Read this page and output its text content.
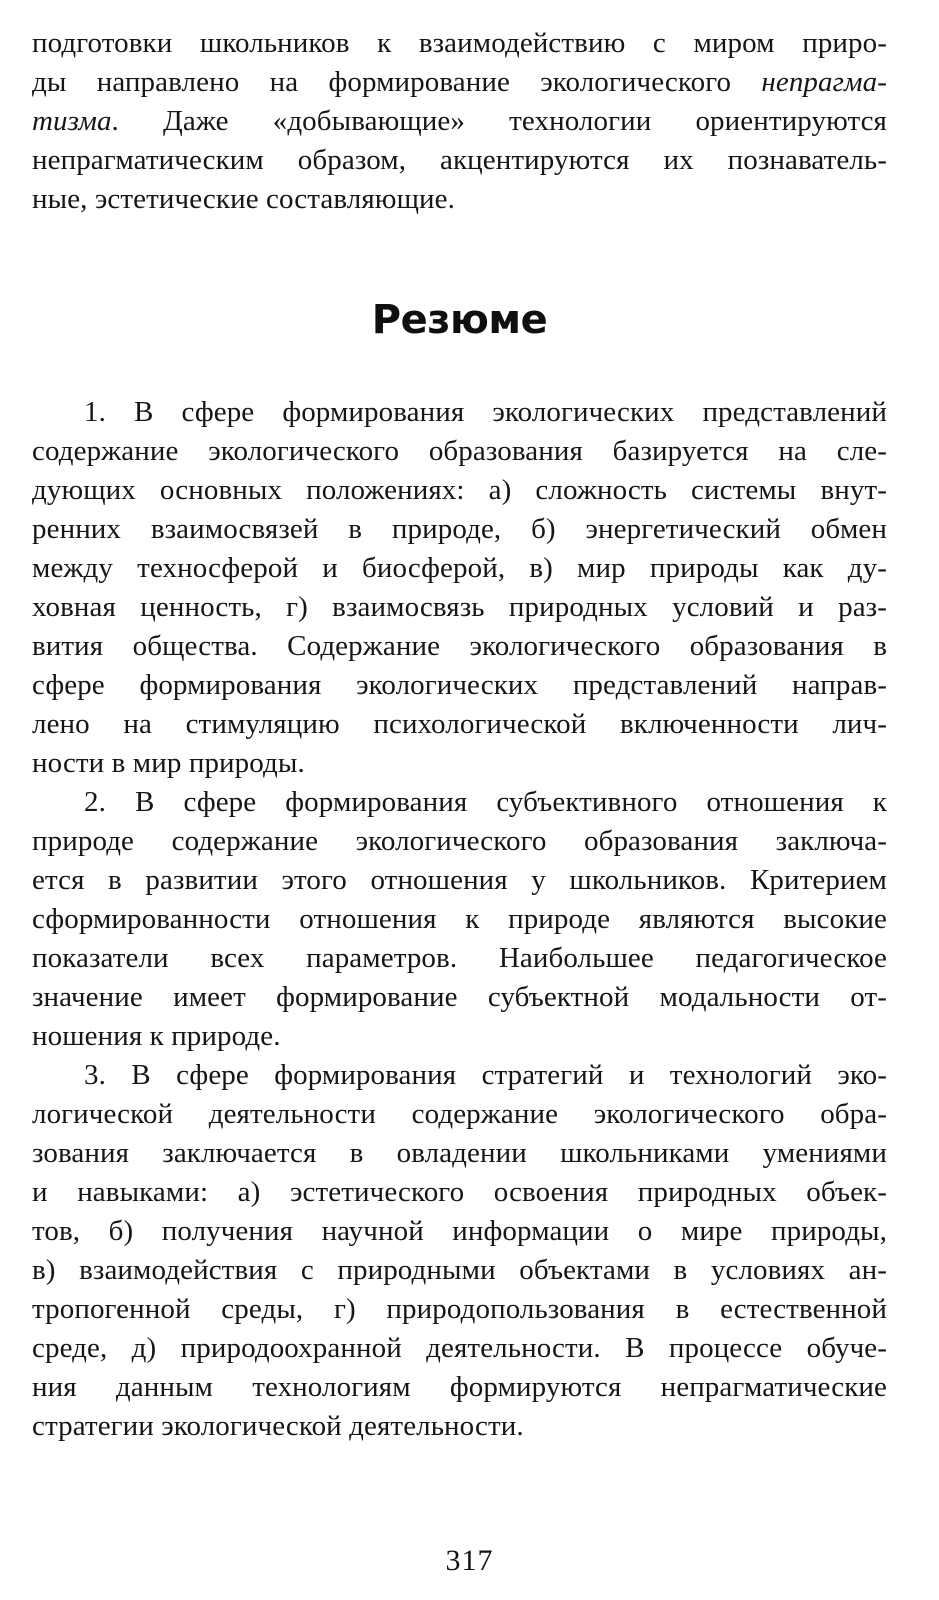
подготовки школьников к взаимодействию с миром приро-
ды направлено на формирование экологического непрагма-
тизма. Даже «добывающие» технологии ориентируются
непрагматическим образом, акцентируются их познаватель-
ные, эстетические составляющие.
Резюме
1. В сфере формирования экологических представлений
содержание экологического образования базируется на сле-
дующих основных положениях: а) сложность системы внут-
ренних взаимосвязей в природе, б) энергетический обмен
между техносферой и биосферой, в) мир природы как ду-
ховная ценность, г) взаимосвязь природных условий и раз-
вития общества. Содержание экологического образования в
сфере формирования экологических представлений направ-
лено на стимуляцию психологической включенности лич-
ности в мир природы.
2. В сфере формирования субъективного отношения к
природе содержание экологического образования заключа-
ется в развитии этого отношения у школьников. Критерием
сформированности отношения к природе являются высокие
показатели всех параметров. Наибольшее педагогическое
значение имеет формирование субъектной модальности от-
ношения к природе.
3. В сфере формирования стратегий и технологий эко-
логической деятельности содержание экологического обра-
зования заключается в овладении школьниками умениями
и навыками: а) эстетического освоения природных объек-
тов, б) получения научной информации о мире природы,
в) взаимодействия с природными объектами в условиях ан-
тропогенной среды, г) природопользования в естественной
среде, д) природоохранной деятельности. В процессе обуче-
ния данным технологиям формируются непрагматические
стратегии экологической деятельности.
317
